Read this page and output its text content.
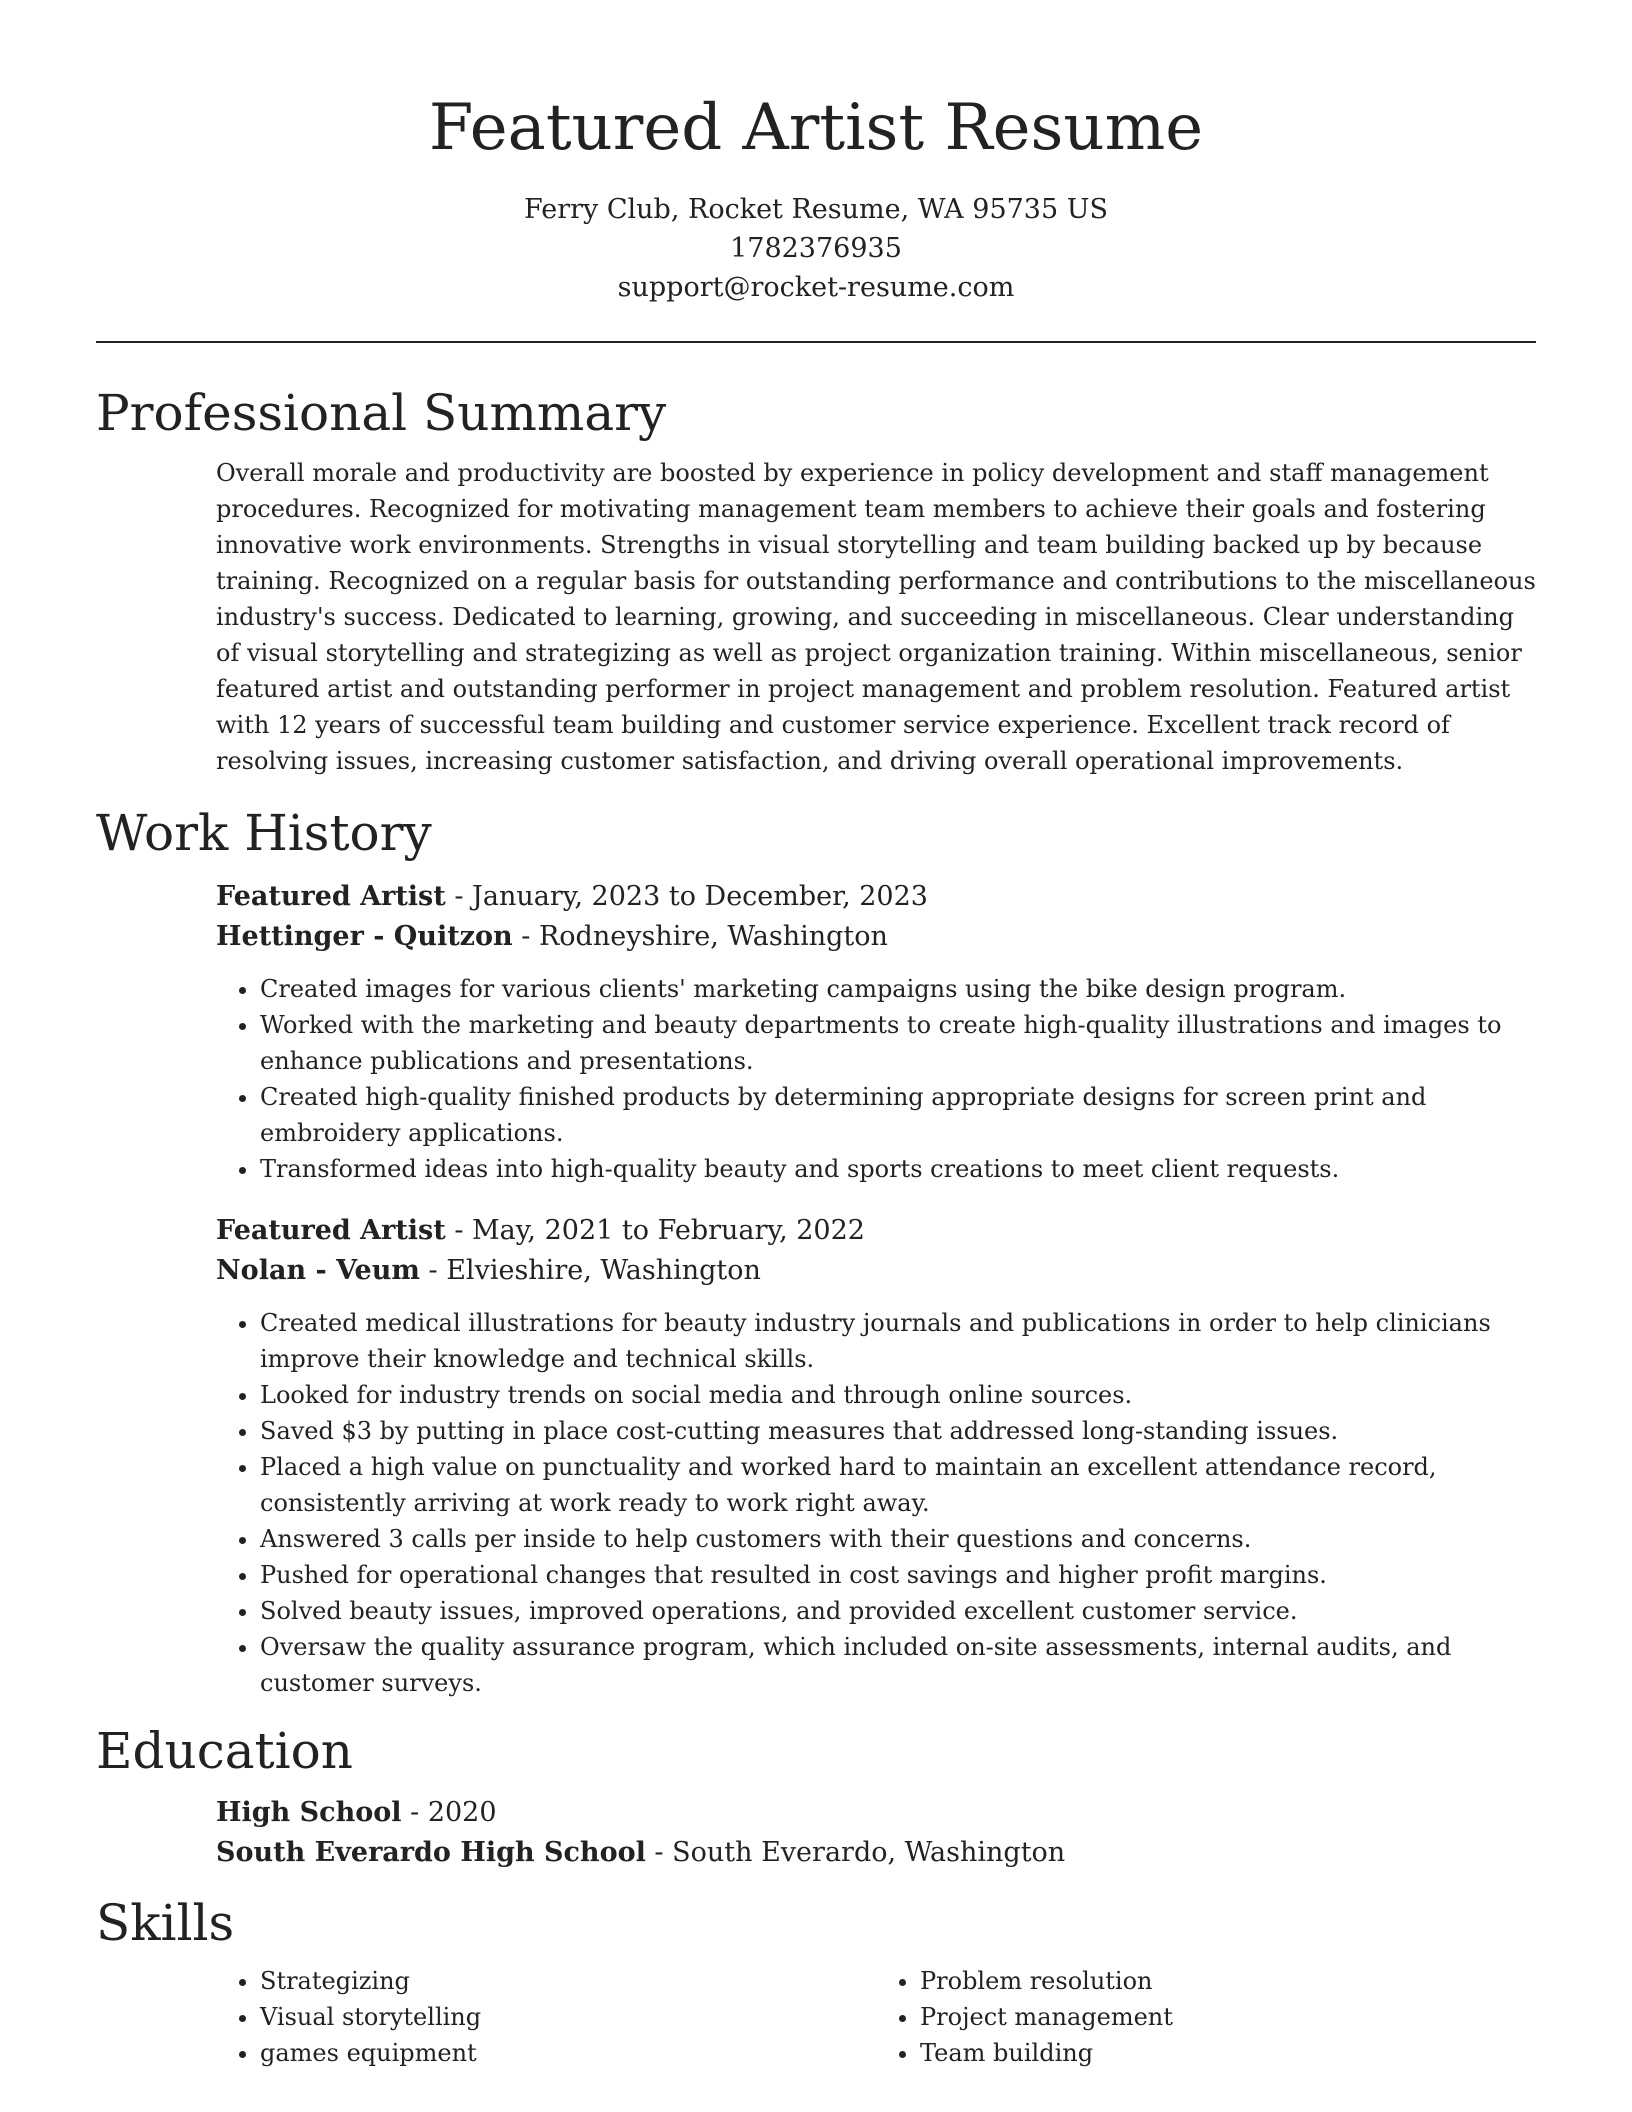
Featured Artist Resume
Ferry Club, Rocket Resume, WA 95735 US
1782376935
support@rocket-resume.com
Professional Summary

Overall morale and productivity are boosted by experience in policy development and staff management procedures. Recognized for motivating management team members to achieve their goals and fostering innovative work environments. Strengths in visual storytelling and team building backed up by because training. Recognized on a regular basis for outstanding performance and contributions to the miscellaneous industry's success. Dedicated to learning, growing, and succeeding in miscellaneous. Clear understanding of visual storytelling and strategizing as well as project organization training. Within miscellaneous, senior featured artist and outstanding performer in project management and problem resolution. Featured artist with 12 years of successful team building and customer service experience. Excellent track record of resolving issues, increasing customer satisfaction, and driving overall operational improvements.

Work History
Featured Artist - January, 2023 to December, 2023
Hettinger - Quitzon - Rodneyshire, Washington
• Created images for various clients' marketing campaigns using the bike design program.
• Worked with the marketing and beauty departments to create high-quality illustrations and images to enhance publications and presentations.
• Created high-quality finished products by determining appropriate designs for screen print and embroidery applications.
• Transformed ideas into high-quality beauty and sports creations to meet client requests.
Featured Artist - May, 2021 to February, 2022
Nolan - Veum - Elvieshire, Washington
• Created medical illustrations for beauty industry journals and publications in order to help clinicians improve their knowledge and technical skills.
• Looked for industry trends on social media and through online sources.
• Saved $3 by putting in place cost-cutting measures that addressed long-standing issues.
• Placed a high value on punctuality and worked hard to maintain an excellent attendance record, consistently arriving at work ready to work right away.
• Answered 3 calls per inside to help customers with their questions and concerns.
• Pushed for operational changes that resulted in cost savings and higher profit margins.
• Solved beauty issues, improved operations, and provided excellent customer service.
• Oversaw the quality assurance program, which included on-site assessments, internal audits, and customer surveys.
Education
High School - 2020
South Everardo High School - South Everardo, Washington
Skills
• Strategizing
• Visual storytelling
• games equipment
• Problem resolution
• Project management
• Team building
